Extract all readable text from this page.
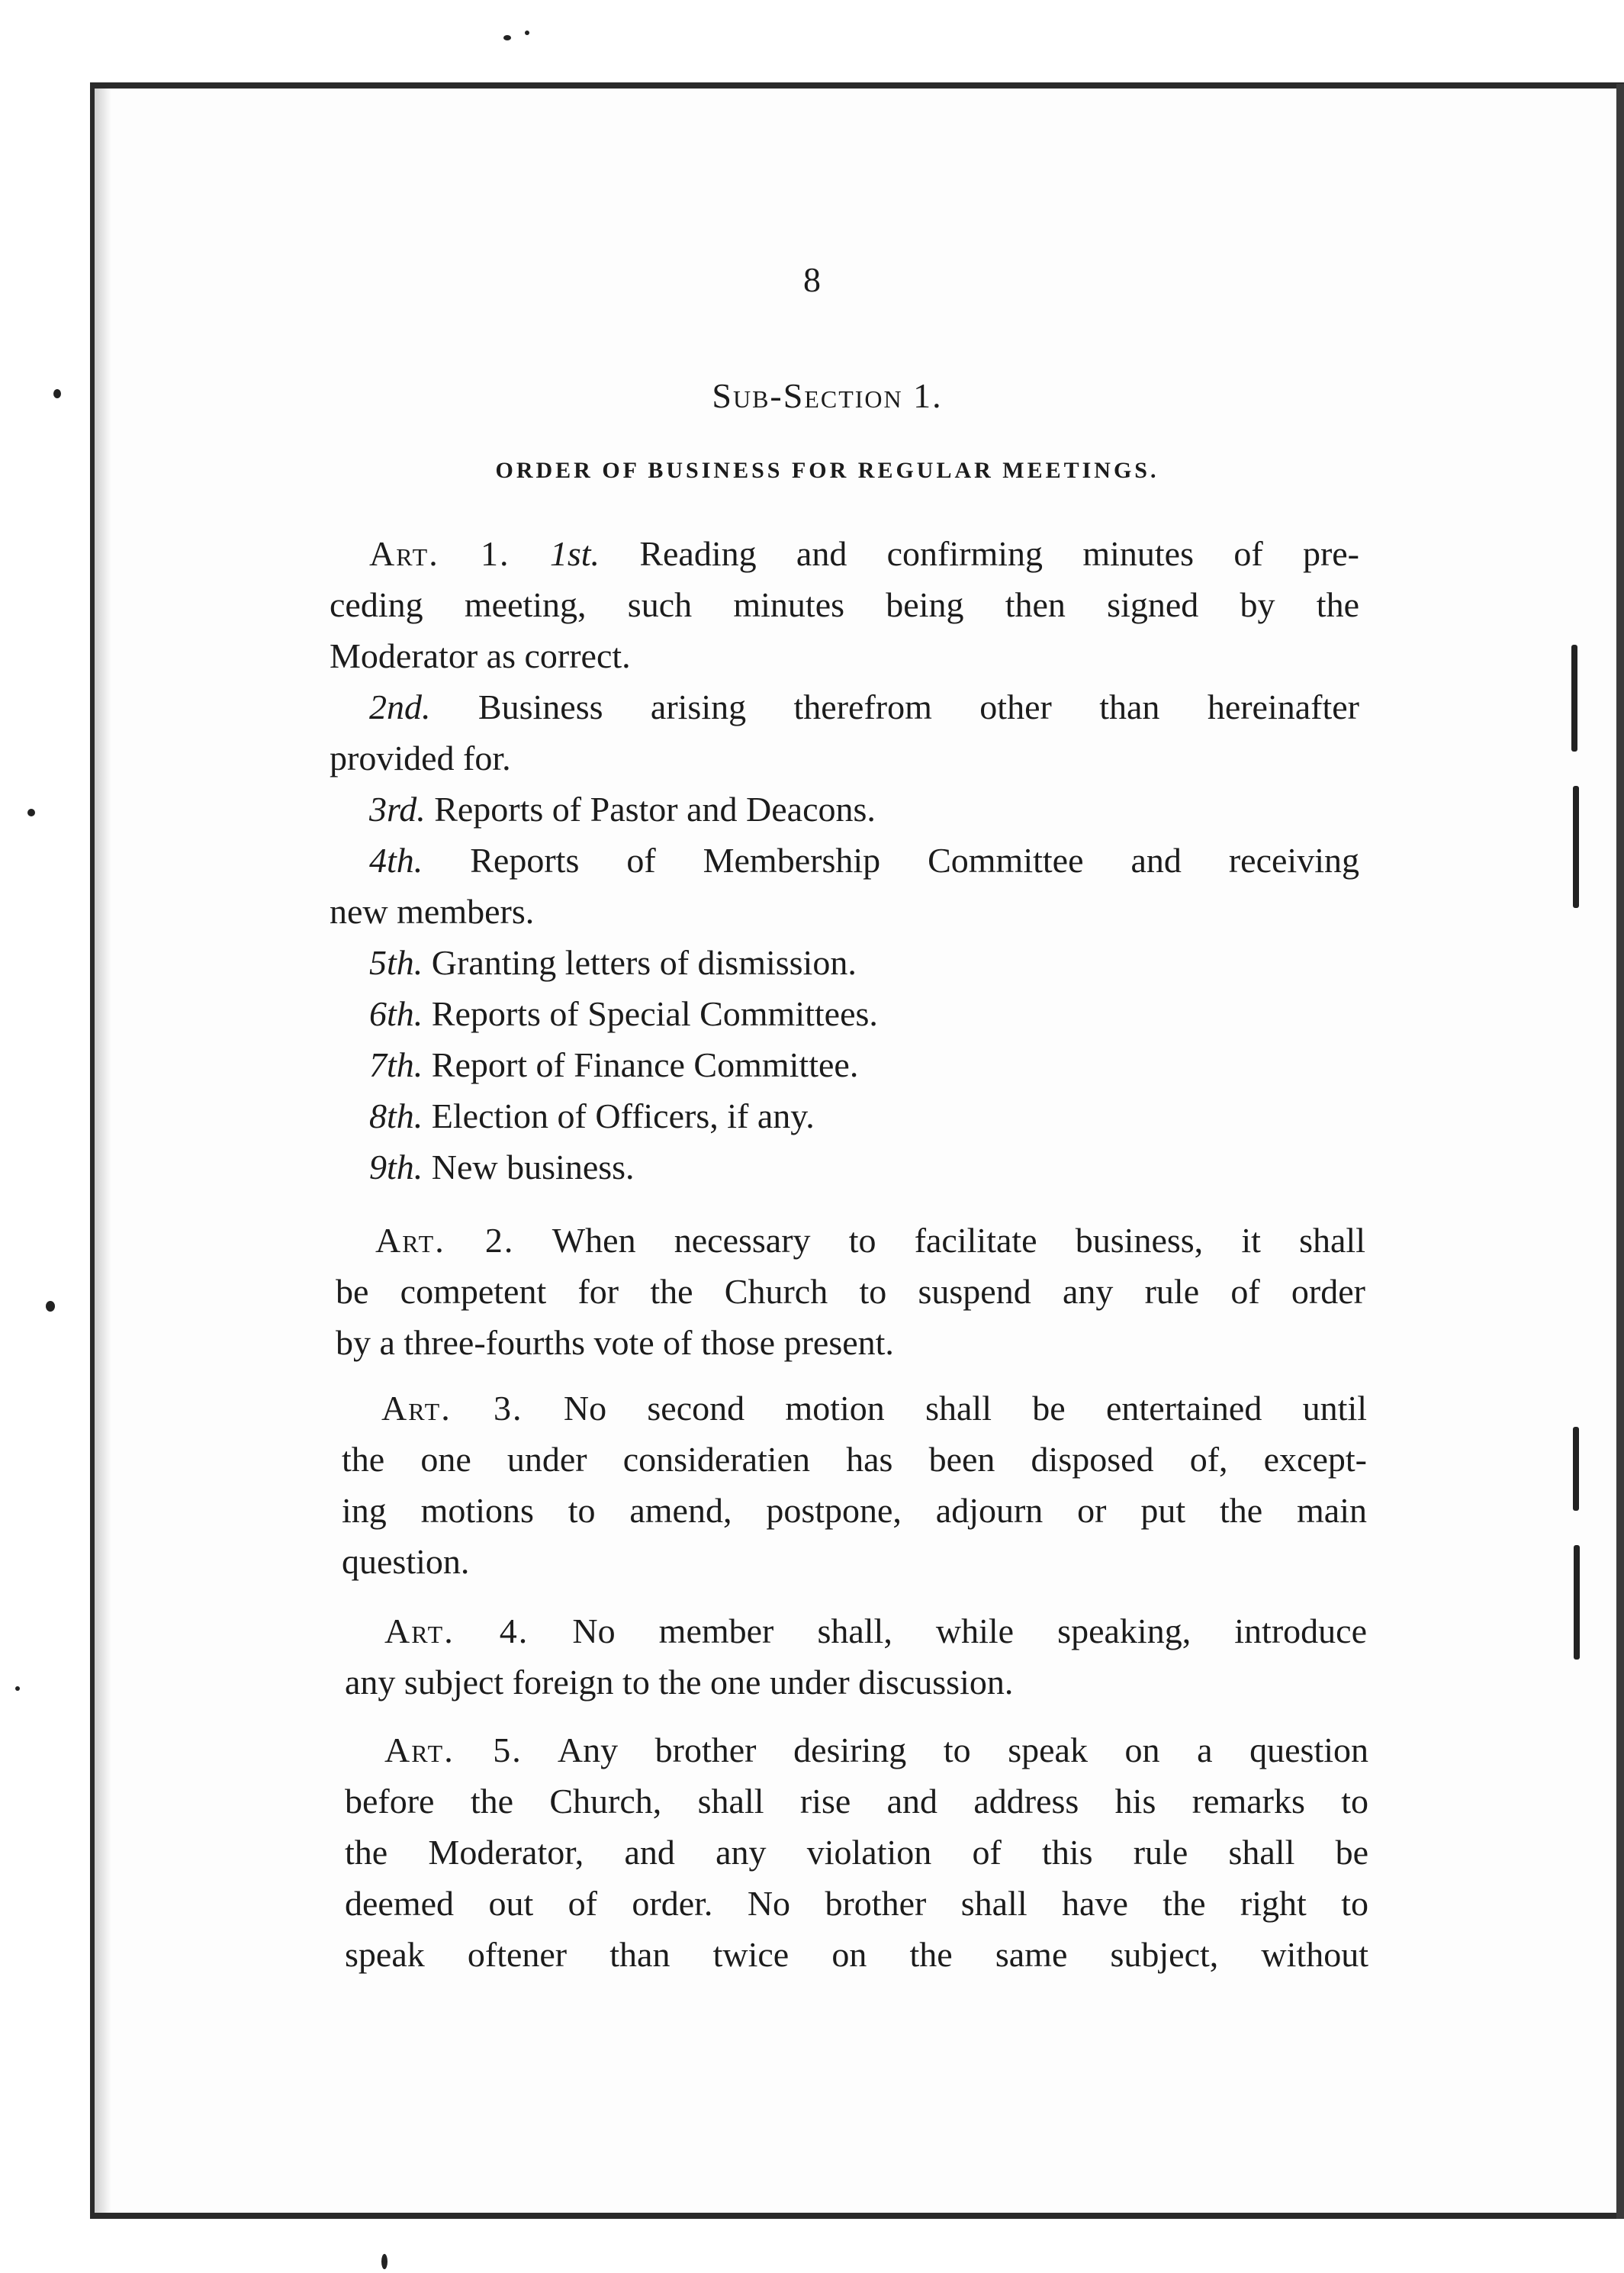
8
Sub-Section 1.
ORDER OF BUSINESS FOR REGULAR MEETINGS.
Art. 1. 1st. Reading and confirming minutes of pre-
ceding meeting, such minutes being then signed by the
Moderator as correct.
2nd. Business arising therefrom other than hereinafter
provided for.
3rd. Reports of Pastor and Deacons.
4th. Reports of Membership Committee and receiving
new members.
5th. Granting letters of dismission.
6th. Reports of Special Committees.
7th. Report of Finance Committee.
8th. Election of Officers, if any.
9th. New business.
Art. 2. When necessary to facilitate business, it shall
be competent for the Church to suspend any rule of order
by a three-fourths vote of those present.
Art. 3. No second motion shall be entertained until
the one under consideratien has been disposed of, except-
ing motions to amend, postpone, adjourn or put the main
question.
Art. 4. No member shall, while speaking, introduce
any subject foreign to the one under discussion.
Art. 5. Any brother desiring to speak on a question
before the Church, shall rise and address his remarks to
the Moderator, and any violation of this rule shall be
deemed out of order. No brother shall have the right to
speak oftener than twice on the same subject, without
